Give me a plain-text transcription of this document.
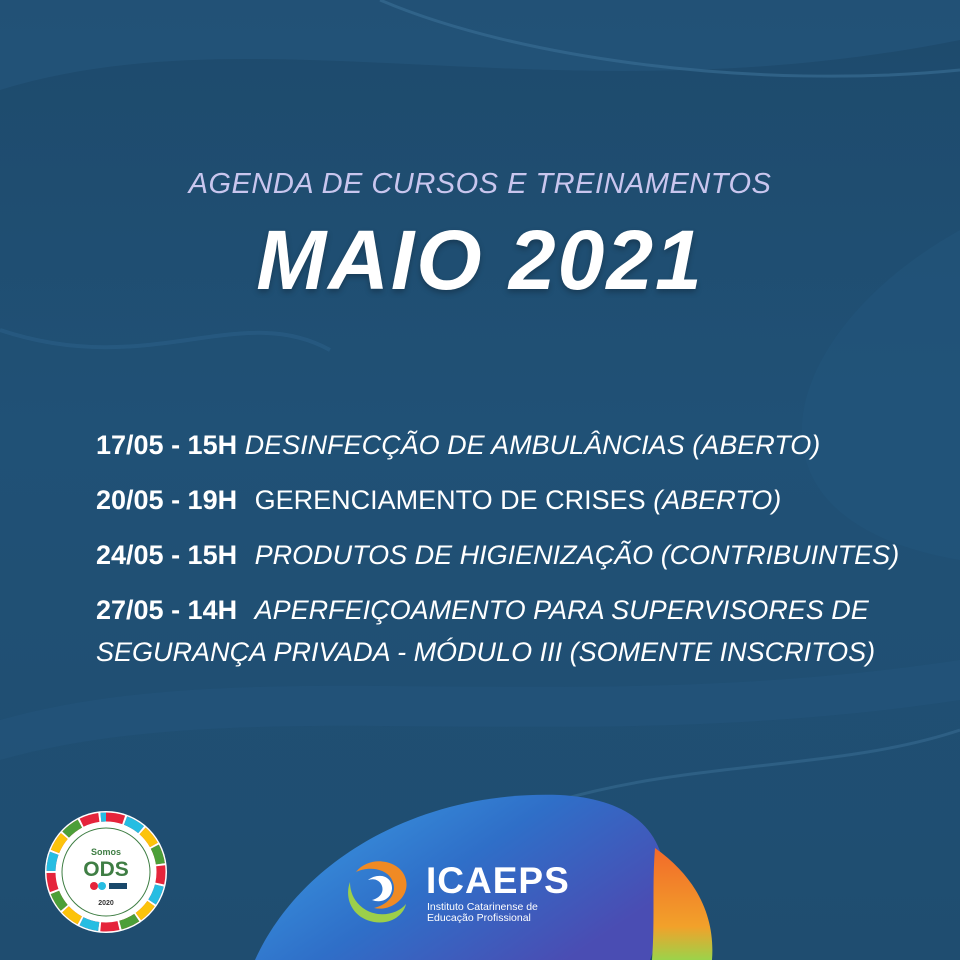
AGENDA DE CURSOS E TREINAMENTOS
MAIO 2021
17/05 - 15H DESINFECÇÃO DE AMBULÂNCIAS (ABERTO)
20/05 - 19H GERENCIAMENTO DE CRISES (ABERTO)
24/05 - 15H PRODUTOS DE HIGIENIZAÇÃO (CONTRIBUINTES)
27/05 - 14H APERFEIÇOAMENTO PARA SUPERVISORES DE SEGURANÇA PRIVADA - MÓDULO III (SOMENTE INSCRITOS)
Somos
ODS
2020
ICAEPS
Instituto Catarinense de
Educação Profissional
